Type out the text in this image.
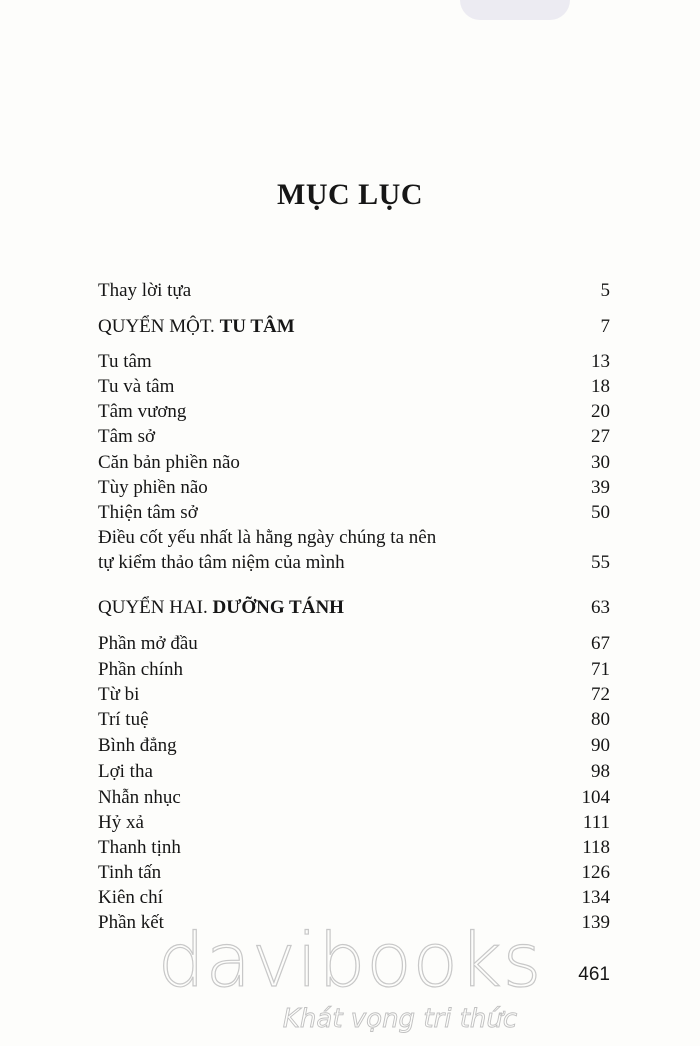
MỤC LỤC
Thay lời tựa	5
QUYỂN MỘT. TU TÂM	7
Tu tâm	13
Tu và tâm	18
Tâm vương	20
Tâm sở	27
Căn bản phiền não	30
Tùy phiền não	39
Thiện tâm sở	50
Điều cốt yếu nhất là hằng ngày chúng ta nên
tự kiểm thảo tâm niệm của mình	55
QUYỂN HAI. DƯỠNG TÁNH	63
Phần mở đầu	67
Phần chính	71
Từ bi	72
Trí tuệ	80
Bình đẳng	90
Lợi tha	98
Nhẫn nhục	104
Hỷ xả	111
Thanh tịnh	118
Tinh tấn	126
Kiên chí	134
Phần kết	139
davibooks
Khát vọng tri thức
461
